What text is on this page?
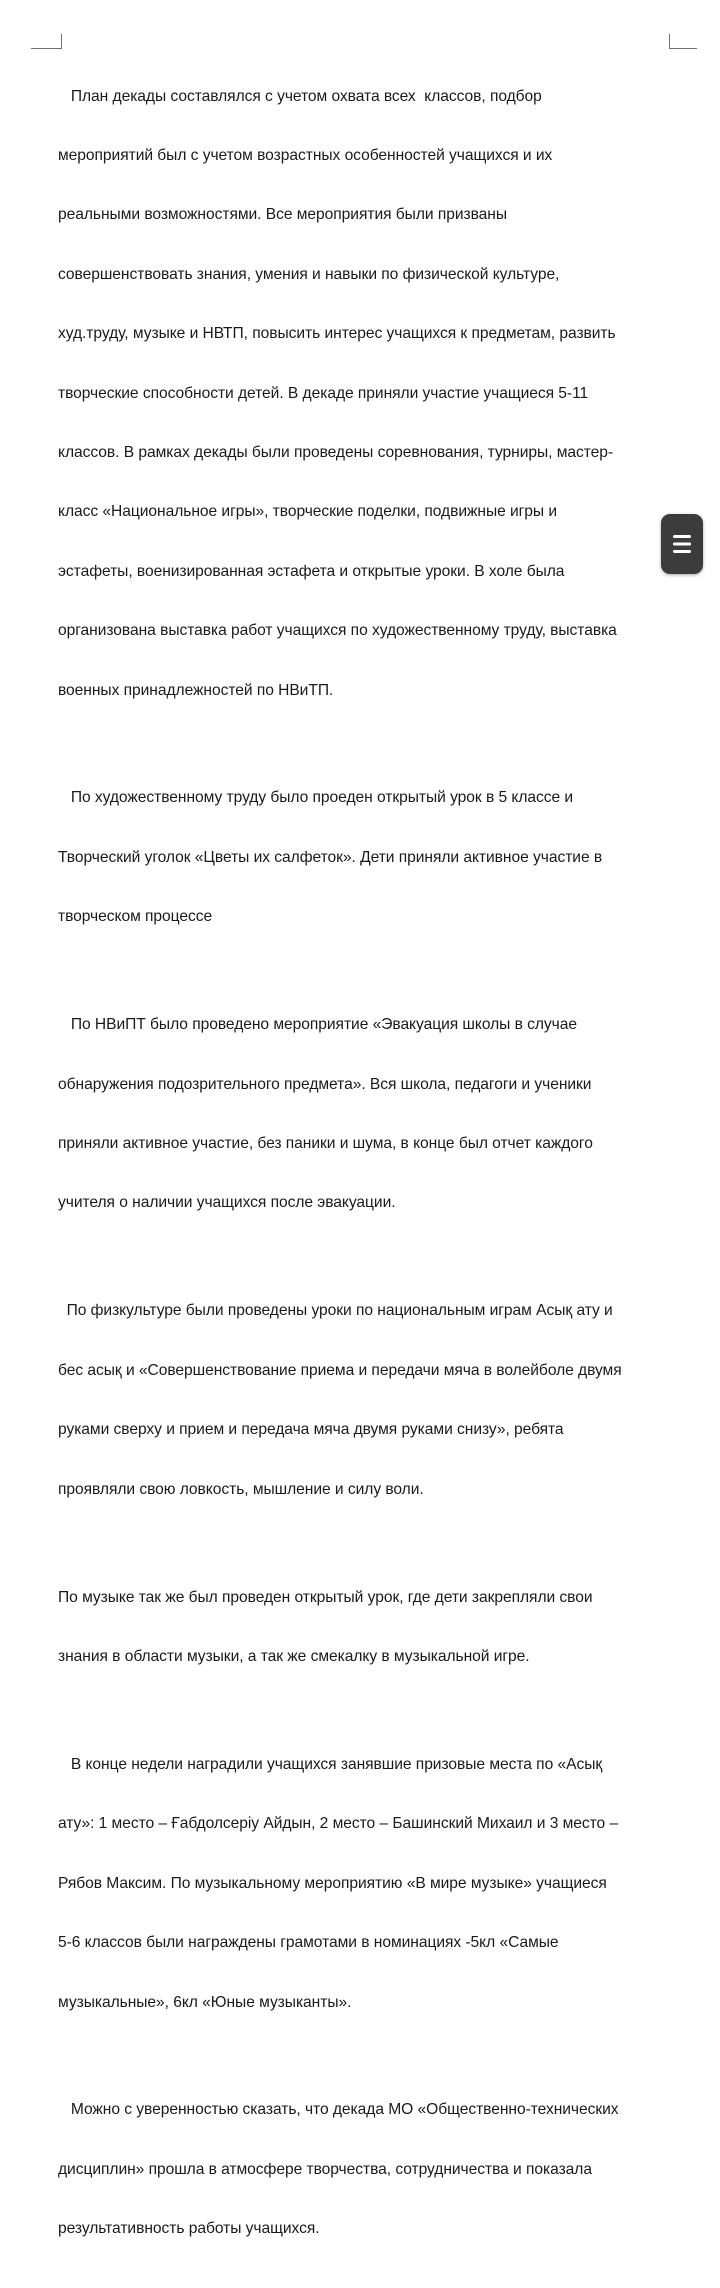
План декады составлялся с учетом охвата всех  классов, подбор

мероприятий был с учетом возрастных особенностей учащихся и их

реальными возможностями. Все мероприятия были призваны

совершенствовать знания, умения и навыки по физической культуре,

худ.труду, музыке и НВТП, повысить интерес учащихся к предметам, развить

творческие способности детей. В декаде приняли участие учащиеся 5-11

классов. В рамках декады были проведены соревнования, турниры, мастер-

класс «Национальное игры», творческие поделки, подвижные игры и

эстафеты, военизированная эстафета и открытые уроки. В холе была

организована выставка работ учащихся по художественному труду, выставка

военных принадлежностей по НВиТП.

По художественному труду было проеден открытый урок в 5 классе и

Творческий уголок «Цветы их салфеток». Дети приняли активное участие в

творческом процессе

По НВиПТ было проведено мероприятие «Эвакуация школы в случае

обнаружения подозрительного предмета». Вся школа, педагоги и ученики

приняли активное участие, без паники и шума, в конце был отчет каждого

учителя о наличии учащихся после эвакуации.

По физкультуре были проведены уроки по национальным играм Асық ату и

бес асық и «Совершенствование приема и передачи мяча в волейболе двумя

руками сверху и прием и передача мяча двумя руками снизу», ребята

проявляли свою ловкость, мышление и силу воли.

По музыке так же был проведен открытый урок, где дети закрепляли свои

знания в области музыки, а так же смекалку в музыкальной игре.

В конце недели наградили учащихся занявшие призовые места по «Асық

ату»: 1 место – Ғабдолсеріу Айдын, 2 место – Башинский Михаил и 3 место –

Рябов Максим. По музыкальному мероприятию «В мире музыке» учащиеся

5-6 классов были награждены грамотами в номинациях -5кл «Самые

музыкальные», 6кл «Юные музыканты».

Можно с уверенностью сказать, что декада МО «Общественно-технических

дисциплин» прошла в атмосфере творчества, сотрудничества и показала

результативность работы учащихся.
